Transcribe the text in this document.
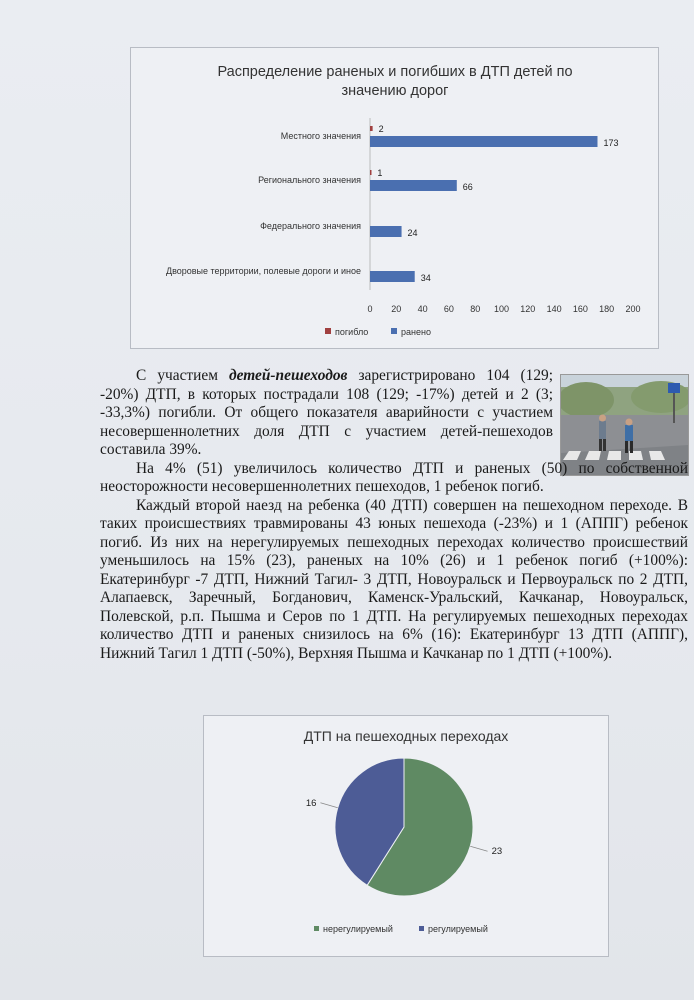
Распределение раненых и погибших в ДТП детей по
значению дорог
Местного значения
2
173
Регионального значения
1
66
Федерального значения
24
Дворовые территории, полевые дороги и иное
34
0 20 40 60 80 100 120 140 160 180 200
погибло	ранено

С участием детей-пешеходов зарегистрировано 104 (129; -20%) ДТП, в которых пострадали 108 (129; -17%) детей и 2 (3; -33,3%) погибли. От общего показателя аварийности с участием несовершеннолетних доля ДТП с участием детей-пешеходов составила 39%.

На 4% (51) увеличилось количество ДТП и раненых (50) по собственной неосторожности несовершеннолетних пешеходов, 1 ребенок погиб.

Каждый второй наезд на ребенка (40 ДТП) совершен на пешеходном переходе. В таких происшествиях травмированы 43 юных пешехода (-23%) и 1 (АППГ) ребенок погиб. Из них на нерегулируемых пешеходных переходах количество происшествий уменьшилось на 15% (23), раненых на 10% (26) и 1 ребенок погиб (+100%): Екатеринбург -7 ДТП, Нижний Тагил- 3 ДТП, Новоуральск и Первоуральск по 2 ДТП, Алапаевск, Заречный, Богданович, Каменск-Уральский, Качканар, Новоуральск, Полевской, р.п. Пышма и Серов по 1 ДТП. На регулируемых пешеходных переходах количество ДТП и раненых снизилось на 6% (16): Екатеринбург 13 ДТП (АППГ), Нижний Тагил 1 ДТП (-50%), Верхняя Пышма и Качканар по 1 ДТП (+100%).

ДТП на пешеходных переходах
23
16
нерегулируемый	регулируемый
